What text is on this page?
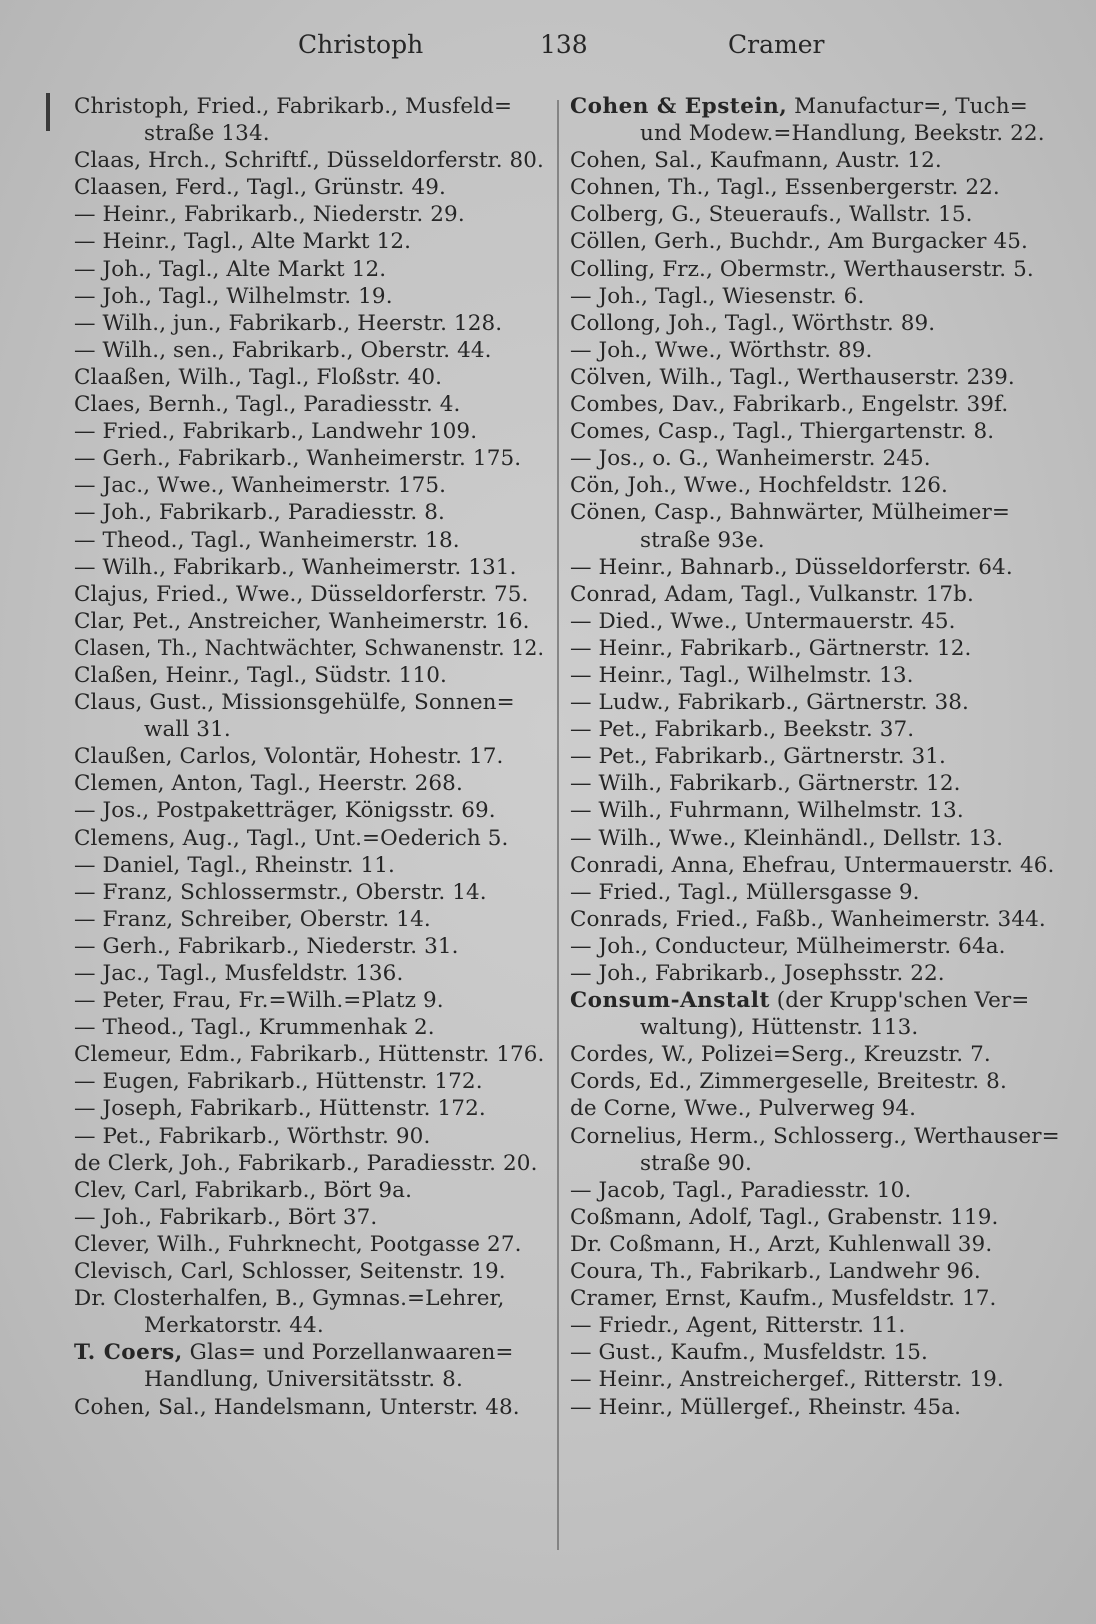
Christoph	138	Cramer
Christoph, Fried., Fabrikarb., Musfeld=
straße 134.
Claas, Hrch., Schriftf., Düsseldorferstr. 80.
Claasen, Ferd., Tagl., Grünstr. 49.
— Heinr., Fabrikarb., Niederstr. 29.
— Heinr., Tagl., Alte Markt 12.
— Joh., Tagl., Alte Markt 12.
— Joh., Tagl., Wilhelmstr. 19.
— Wilh., jun., Fabrikarb., Heerstr. 128.
— Wilh., sen., Fabrikarb., Oberstr. 44.
Claaßen, Wilh., Tagl., Floßstr. 40.
Claes, Bernh., Tagl., Paradiesstr. 4.
— Fried., Fabrikarb., Landwehr 109.
— Gerh., Fabrikarb., Wanheimerstr. 175.
— Jac., Wwe., Wanheimerstr. 175.
— Joh., Fabrikarb., Paradiesstr. 8.
— Theod., Tagl., Wanheimerstr. 18.
— Wilh., Fabrikarb., Wanheimerstr. 131.
Clajus, Fried., Wwe., Düsseldorferstr. 75.
Clar, Pet., Anstreicher, Wanheimerstr. 16.
Clasen, Th., Nachtwächter, Schwanenstr. 12.
Claßen, Heinr., Tagl., Südstr. 110.
Claus, Gust., Missionsgehülfe, Sonnen=
wall 31.
Claußen, Carlos, Volontär, Hohestr. 17.
Clemen, Anton, Tagl., Heerstr. 268.
— Jos., Postpaketträger, Königsstr. 69.
Clemens, Aug., Tagl., Unt.=Oederich 5.
— Daniel, Tagl., Rheinstr. 11.
— Franz, Schlossermstr., Oberstr. 14.
— Franz, Schreiber, Oberstr. 14.
— Gerh., Fabrikarb., Niederstr. 31.
— Jac., Tagl., Musfeldstr. 136.
— Peter, Frau, Fr.=Wilh.=Platz 9.
— Theod., Tagl., Krummenhak 2.
Clemeur, Edm., Fabrikarb., Hüttenstr. 176.
— Eugen, Fabrikarb., Hüttenstr. 172.
— Joseph, Fabrikarb., Hüttenstr. 172.
— Pet., Fabrikarb., Wörthstr. 90.
de Clerk, Joh., Fabrikarb., Paradiesstr. 20.
Clev, Carl, Fabrikarb., Bört 9a.
— Joh., Fabrikarb., Bört 37.
Clever, Wilh., Fuhrknecht, Pootgasse 27.
Clevisch, Carl, Schlosser, Seitenstr. 19.
Dr. Closterhalfen, B., Gymnas.=Lehrer,
Merkatorstr. 44.
T. Coers, Glas= und Porzellanwaaren=
Handlung, Universitätsstr. 8.
Cohen, Sal., Handelsmann, Unterstr. 48.
Cohen & Epstein, Manufactur=, Tuch=
und Modew.=Handlung, Beekstr. 22.
Cohen, Sal., Kaufmann, Austr. 12.
Cohnen, Th., Tagl., Essenbergerstr. 22.
Colberg, G., Steueraufs., Wallstr. 15.
Cöllen, Gerh., Buchdr., Am Burgacker 45.
Colling, Frz., Obermstr., Werthauserstr. 5.
— Joh., Tagl., Wiesenstr. 6.
Collong, Joh., Tagl., Wörthstr. 89.
— Joh., Wwe., Wörthstr. 89.
Cölven, Wilh., Tagl., Werthauserstr. 239.
Combes, Dav., Fabrikarb., Engelstr. 39f.
Comes, Casp., Tagl., Thiergartenstr. 8.
— Jos., o. G., Wanheimerstr. 245.
Cön, Joh., Wwe., Hochfeldstr. 126.
Cönen, Casp., Bahnwärter, Mülheimer=
straße 93e.
— Heinr., Bahnarb., Düsseldorferstr. 64.
Conrad, Adam, Tagl., Vulkanstr. 17b.
— Died., Wwe., Untermauerstr. 45.
— Heinr., Fabrikarb., Gärtnerstr. 12.
— Heinr., Tagl., Wilhelmstr. 13.
— Ludw., Fabrikarb., Gärtnerstr. 38.
— Pet., Fabrikarb., Beekstr. 37.
— Pet., Fabrikarb., Gärtnerstr. 31.
— Wilh., Fabrikarb., Gärtnerstr. 12.
— Wilh., Fuhrmann, Wilhelmstr. 13.
— Wilh., Wwe., Kleinhändl., Dellstr. 13.
Conradi, Anna, Ehefrau, Untermauerstr. 46.
— Fried., Tagl., Müllersgasse 9.
Conrads, Fried., Faßb., Wanheimerstr. 344.
— Joh., Conducteur, Mülheimerstr. 64a.
— Joh., Fabrikarb., Josephsstr. 22.
Consum-Anstalt (der Krupp'schen Ver=
waltung), Hüttenstr. 113.
Cordes, W., Polizei=Serg., Kreuzstr. 7.
Cords, Ed., Zimmergeselle, Breitestr. 8.
de Corne, Wwe., Pulverweg 94.
Cornelius, Herm., Schlosserg., Werthauser=
straße 90.
— Jacob, Tagl., Paradiesstr. 10.
Coßmann, Adolf, Tagl., Grabenstr. 119.
Dr. Coßmann, H., Arzt, Kuhlenwall 39.
Coura, Th., Fabrikarb., Landwehr 96.
Cramer, Ernst, Kaufm., Musfeldstr. 17.
— Friedr., Agent, Ritterstr. 11.
— Gust., Kaufm., Musfeldstr. 15.
— Heinr., Anstreichergef., Ritterstr. 19.
— Heinr., Müllergef., Rheinstr. 45a.
